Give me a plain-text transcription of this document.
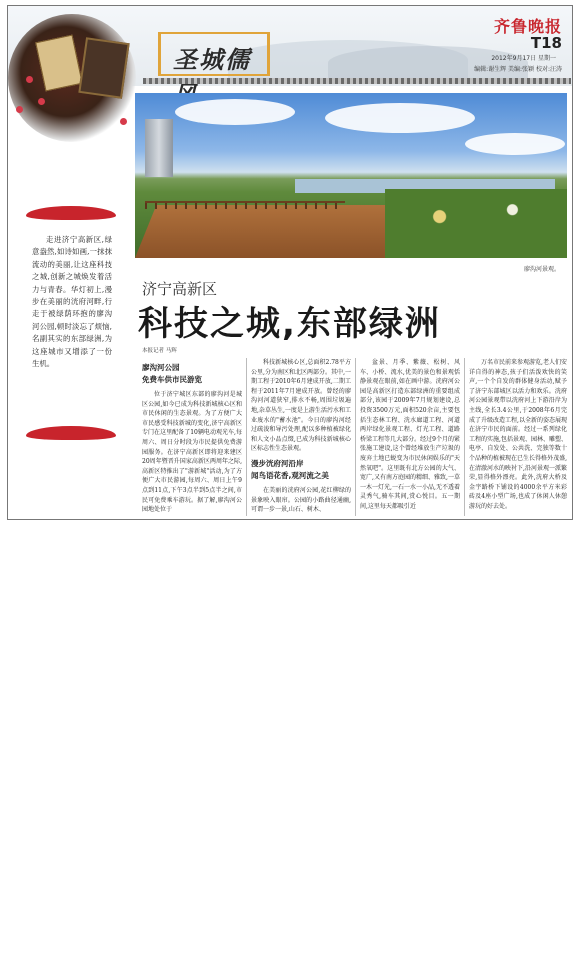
圣城儒
齐鲁晚报
T18
2012年9月17日 星期一
编辑:谢生辉 美编:张颖 校对:汪涛
廖沟河景观。
走进济宁高新区,绿意盎然,如诗如画,一抹抹流动的美丽,让这座科技之城,创新之城焕发着活力与青春。华灯初上,漫步在美丽的洸府河畔,行走于被绿荫环抱的廖沟河公园,顿时淡忘了烦恼,名副其实的东部绿洲,为这座城市又增添了一份生机。
济宁高新区
科技之城,东部绿洲
本报记者 马辉
廖沟河公园
免费车供市民游览

位于济宁城区东部的廖沟河是城区公园,如今已成为科技新城核心区和市民休闲的生态景观。为了方便广大市民感受科技新城的变化,济宁高新区专门在这里配备了10辆电动观光车,每周六、周日分时段为市民提供免费游园服务。在济宁高新区即将迎来建区20周年暨晋升国家高新区两周年之际,高新区特推出了"游新城"活动,为了方便广大市民游园,每周六、周日上午9点到11点,下午3点半到5点半之间,市民可免费乘车游玩。据了解,廖沟河公园地处位于

科技新城核心区,总面积2.78平方公里,分为南区和北区两部分。其中,一期工程于2010年6月建成开放,二期工程于2011年7月建成开放。曾经的廖沟河河道狭窄,排水不畅,周围垃圾遍地,杂草丛生,一度是上游生活污水和工业废水的"蓄水池"。今日的廖沟河经过疏浚和导污处理,配以多种植被绿化和人文小品点缀,已成为科技新城核心区标志性生态景观。

漫步洸府河沿岸
闻鸟语花香,观河流之美

在美丽的洸府河公园,花红柳绿的景象映入眼帘。公园的小路曲径通幽,可谓一步一景,山石、树木、

盆景、月季、紫薇、松树、风车、小桥、流水,优美的景色和景观恬静景观在眼前,如在画中游。洸府河公园是高新区打造东部绿洲的重要组成部分,该园于2009年7月规划建设,总投资3500万元,面积520余亩,主要包括生态林工程、洸水廊道工程、河道两岸绿化景观工程、灯光工程、道路桥梁工程等几大部分。经过9个月的紧张施工建设,这个曾经堆放生产垃圾的废弃土地已蜕变为市民休闲娱乐的"天然氧吧"。这里既有北方公园的大气、宽广,又有南方庭园的精细、雅致,一草一木一灯光,一石一水一小品,无不透着灵秀气,骑车其间,赏心悦目。五一期间,这里每天都吸引近

万名市民前来参观游览,老人们安详自得的神态,孩子们活泼欢快的笑声,一个个自发的群体健身活动,赋予了济宁东部城区以活力和欢乐。洸府河公园景观带以洸府河上下游沿岸为主线,全长3.4公里,于2008年6月完成了升级改造工程,以全新的姿态展现在济宁市民的面前。经过一系列绿化工程的实施,包括景观、园林、雕塑、电亭、自发处、公共洗、完独等数十个品种的植被现在已生长得格外茂盛,在清澈河水的映衬下,沿河景观一派繁荣,显得格外漂亮。此外,洸府大桥及金宇路桥下铺设的4000余平方米彩砖及4座小型广场,也成了休闲人休憩游玩的好去处。
